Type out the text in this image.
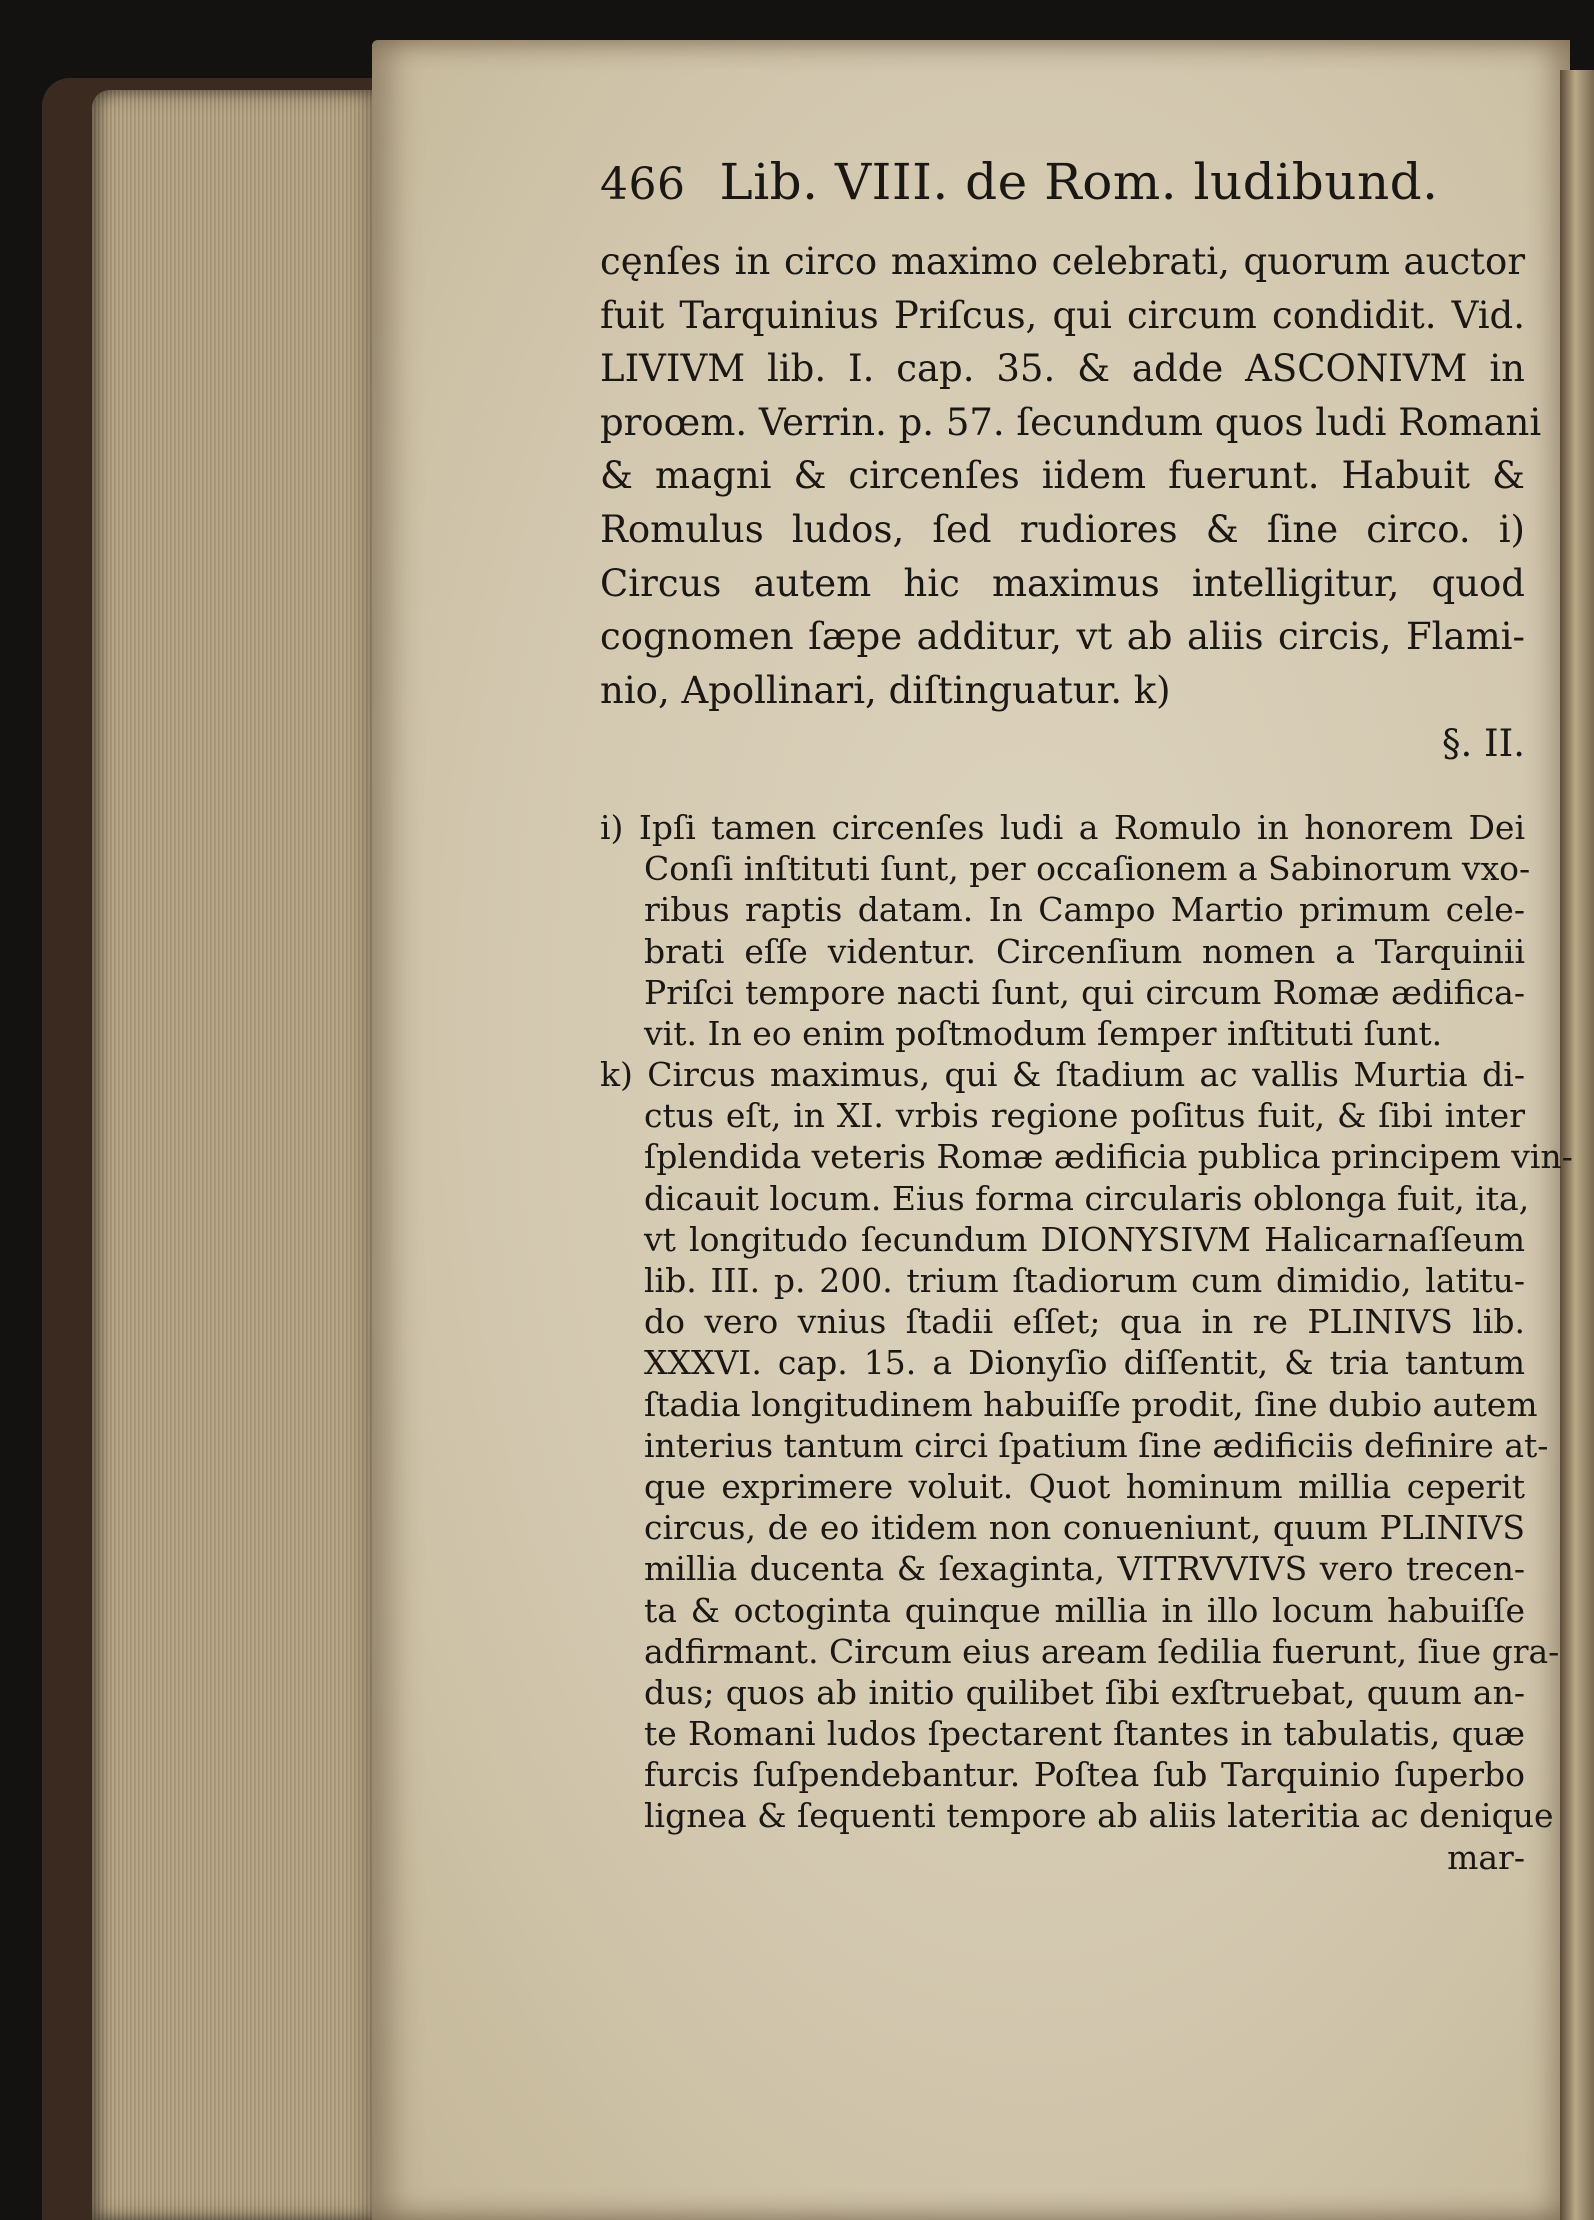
466 Lib. VIII. de Rom. ludibund.
cęnſes in circo maximo celebrati, quorum auctor
fuit Tarquinius Priſcus, qui circum condidit. Vid.
LIVIVM lib. I. cap. 35. & adde ASCONIVM in
proœm. Verrin. p. 57. ſecundum quos ludi Romani
& magni & circenſes iidem fuerunt. Habuit &
Romulus ludos, ſed rudiores & ſine circo. i)
Circus autem hic maximus intelligitur, quod
cognomen ſæpe additur, vt ab aliis circis, Flami-
nio, Apollinari, diſtinguatur. k)
§. II.
i) Ipſi tamen circenſes ludi a Romulo in honorem Dei
Conſi inſtituti ſunt, per occaſionem a Sabinorum vxo-
ribus raptis datam. In Campo Martio primum cele-
brati eſſe videntur. Circenſium nomen a Tarquinii
Priſci tempore nacti ſunt, qui circum Romæ ædifica-
vit. In eo enim poſtmodum ſemper inſtituti ſunt.
k) Circus maximus, qui & ſtadium ac vallis Murtia di-
ctus eſt, in XI. vrbis regione poſitus fuit, & ſibi inter
ſplendida veteris Romæ ædificia publica principem vin-
dicauit locum. Eius forma circularis oblonga fuit, ita,
vt longitudo ſecundum DIONYSIVM Halicarnaſſeum
lib. III. p. 200. trium ſtadiorum cum dimidio, latitu-
do vero vnius ſtadii eſſet; qua in re PLINIVS lib.
XXXVI. cap. 15. a Dionyſio diſſentit, & tria tantum
ſtadia longitudinem habuiſſe prodit, ſine dubio autem
interius tantum circi ſpatium ſine ædificiis definire at-
que exprimere voluit. Quot hominum millia ceperit
circus, de eo itidem non conueniunt, quum PLINIVS
millia ducenta & ſexaginta, VITRVVIVS vero trecen-
ta & octoginta quinque millia in illo locum habuiſſe
adfirmant. Circum eius aream ſedilia fuerunt, ſiue gra-
dus; quos ab initio quilibet ſibi exſtruebat, quum an-
te Romani ludos ſpectarent ſtantes in tabulatis, quæ
furcis ſuſpendebantur. Poſtea ſub Tarquinio ſuperbo
lignea & ſequenti tempore ab aliis lateritia ac denique
mar-
